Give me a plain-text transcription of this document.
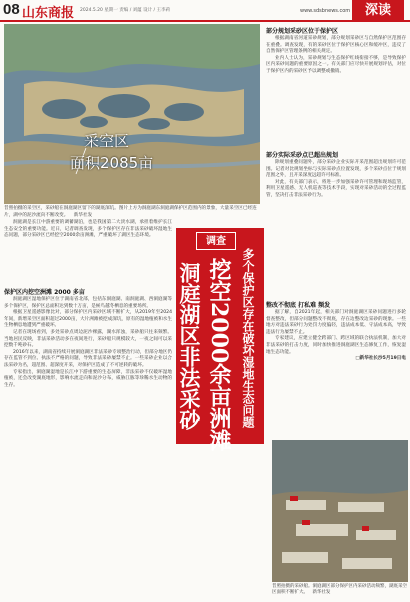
08 山东商报 2024.5.20 星期一 责编 / 刘蕴 设计 / 王李莉	www.sdsbnews.com	深读
采空区
面积2085亩
昔照拍摄的采空区，采砂船在洞庭湖区留下的湖底深坑。图片上方为洞庭湖东洞庭湖保护区范围内的景象，大量采空区已经连片，湖中的泥沙流向不断改变。 新华社发

洞庭湖是长江中游重要的调蓄湖泊，也是我国第二大淡水湖，承担着维护长江生态安全的重要功能。近日，记者调查发现，多个保护区存在非法采砂破坏湿地生态问题，部分采砂区已经挖空2000余亩洲滩，严重破坏了湖区生态环境。

调查
多个保护区存在破坏湿地生态问题
挖空2000余亩洲滩
洞庭湖区非法采砂
保护区内挖空洲滩 2000 多亩

洞庭湖区湿地保护区位于湖南省北部，包括东洞庭湖、南洞庭湖、西洞庭湖等多个保护区，保护区总面积达到数十万亩，是候鸟越冬栖息的重要场所。

根据卫星遥感影像比对，部分保护区内采砂区域不断扩大，从2019年至2024年间，新增采空区面积超过2000亩，大片洲滩被挖成深坑，原有的湿地植被和水生生物栖息地遭到严重破坏。

记者在现场看到，多处采砂点周边泥沙裸露，湖水浑浊，采砂船只往来频繁。当地居民反映，非法采砂活动多在夜间进行，采砂船只规模较大，一夜之间可以采挖数千吨砂石。

2016年以来，湖南省持续开展洞庭湖区非法采砂专项整治行动，但部分地区仍存在监管不到位、执法不严格的问题，导致非法采砂屡禁不止。一些采砂企业以合法采砂为名，超范围、超深度开采，对保护区造成了不可逆转的破坏。

专家指出，洞庭湖湿地是长江中下游重要的生态屏障，非法采砂不仅破坏湿地植被，还会改变湖底地形，影响水流走向和泥沙分布，威胁江豚等珍稀水生动物的生存。

部分规划采砂区位于保护区

根据湖南省河道采砂规划，部分规划采砂区与自然保护区范围存在重叠。调查发现，有的采砂区位于保护区核心区和缓冲区，违反了自然保护区管理条例的相关规定。

业内人士认为，采砂规划与生态保护红线衔接不够，是导致保护区内采砂问题的重要原因之一。有关部门应尽快开展规划评估，对位于保护区内的采砂区予以调整或撤销。

部分实际采砂点已超出规划

除规划重叠问题外，部分采砂企业实际开采范围超出规划许可范围。记者对比规划坐标与实际采砂点位置发现，多个采砂点位于规划范围之外，且开采深度远超许可标准。

对此，有关部门表示，将进一步加强采砂许可管理和现场监管，利用卫星遥感、无人机巡查等技术手段，实现对采砂活动的全过程监管，坚决打击非法采砂行为。

整改不彻底 打私难 频发

据了解，自2021年起，相关部门对洞庭湖区采砂问题进行多轮督查整改，但部分问题整改不彻底，存在边整改边采砂的现象。一些地方对违法采砂行为处罚力度偏轻，违法成本低、守法成本高，导致违法行为屡禁不止。

专家建议，应建立健全跨部门、跨区域的联合执法机制，加大对非法采砂的打击力度，同时加快推进洞庭湖区生态修复工作，恢复湿地生态功能。

□新华社长沙5月19日电

昔照拍摄的采砂船。洞庭湖区部分保护区内采砂活动频繁，湖底采空区面积不断扩大。 新华社发
